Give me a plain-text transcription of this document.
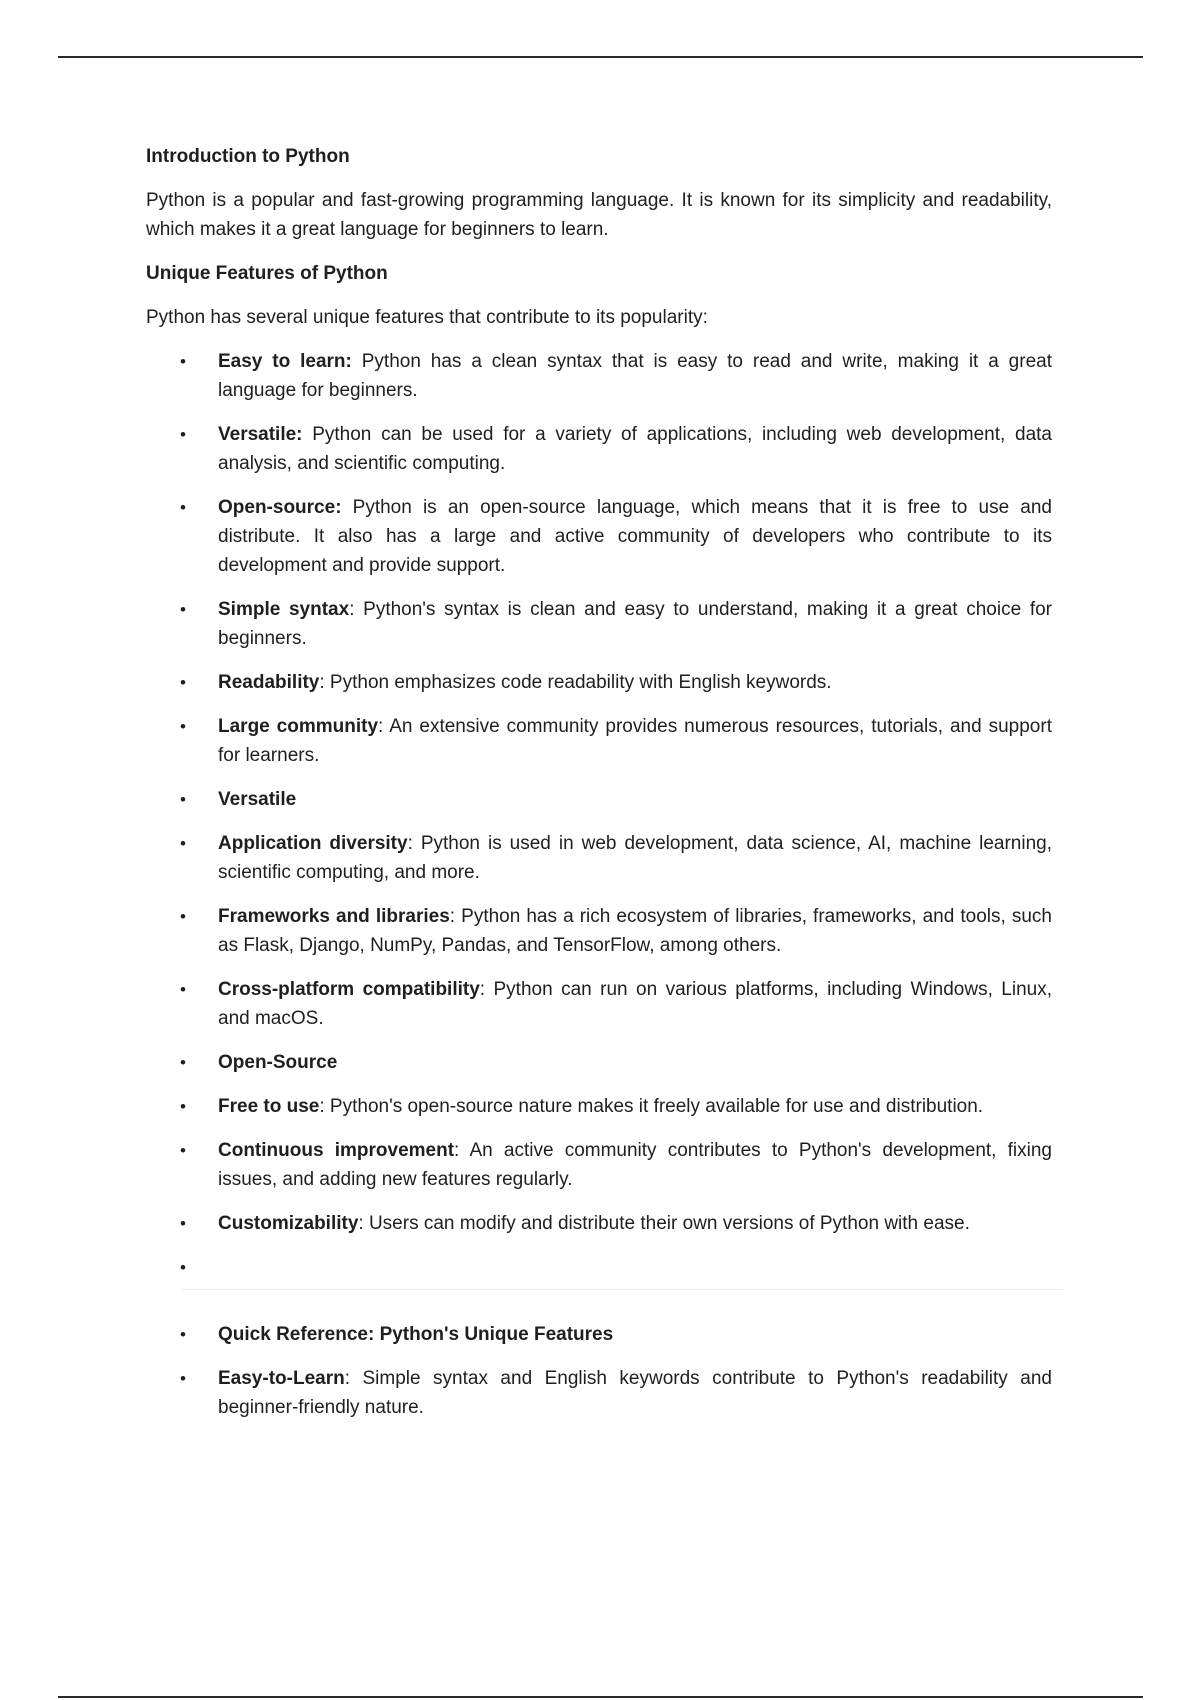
Introduction to Python

Python is a popular and fast-growing programming language. It is known for its simplicity and readability, which makes it a great language for beginners to learn.

Unique Features of Python

Python has several unique features that contribute to its popularity:

• Easy to learn: Python has a clean syntax that is easy to read and write, making it a great language for beginners.
• Versatile: Python can be used for a variety of applications, including web development, data analysis, and scientific computing.
• Open-source: Python is an open-source language, which means that it is free to use and distribute. It also has a large and active community of developers who contribute to its development and provide support.
• Simple syntax: Python's syntax is clean and easy to understand, making it a great choice for beginners.
• Readability: Python emphasizes code readability with English keywords.
• Large community: An extensive community provides numerous resources, tutorials, and support for learners.
• Versatile
• Application diversity: Python is used in web development, data science, AI, machine learning, scientific computing, and more.
• Frameworks and libraries: Python has a rich ecosystem of libraries, frameworks, and tools, such as Flask, Django, NumPy, Pandas, and TensorFlow, among others.
• Cross-platform compatibility: Python can run on various platforms, including Windows, Linux, and macOS.
• Open-Source
• Free to use: Python's open-source nature makes it freely available for use and distribution.
• Continuous improvement: An active community contributes to Python's development, fixing issues, and adding new features regularly.
• Customizability: Users can modify and distribute their own versions of Python with ease.
•
• Quick Reference: Python's Unique Features
• Easy-to-Learn: Simple syntax and English keywords contribute to Python's readability and beginner-friendly nature.
